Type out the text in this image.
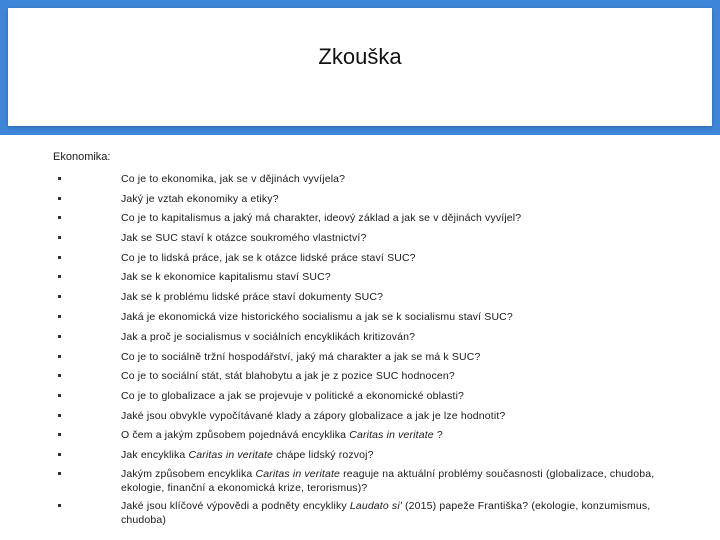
Zkouška
Ekonomika:
Co je to ekonomika, jak se v dějinách vyvíjela?
Jaký je vztah ekonomiky a etiky?
Co je to kapitalismus a jaký má charakter, ideový základ a jak se v dějinách vyvíjel?
Jak se SUC staví k otázce soukromého vlastnictví?
Co je to lidská práce, jak se k otázce lidské práce staví SUC?
Jak se k ekonomice kapitalismu staví SUC?
Jak se k problému lidské práce staví dokumenty SUC?
Jaká je ekonomická vize historického socialismu a jak se k socialismu staví SUC?
Jak a proč je socialismus v sociálních encyklikách kritizován?
Co je to sociálně tržní hospodářství, jaký má charakter a jak se má k SUC?
Co je to sociální stát, stát blahobytu a jak je z pozice SUC hodnocen?
Co je to globalizace a jak se projevuje v politické a ekonomické oblasti?
Jaké jsou obvykle vypočítávané klady a zápory globalizace a jak je lze hodnotit?
O čem a jakým způsobem pojednává encyklika Caritas in veritate ?
Jak encyklika Caritas in veritate chápe lidský rozvoj?
Jakým způsobem encyklika Caritas in veritate reaguje na aktuální problémy současnosti (globalizace, chudoba, ekologie, finanční a ekonomická krize, terorismus)?
Jaké jsou klíčové výpovědi a podněty encykliky Laudato si' (2015) papeže Františka? (ekologie, konzumismus, chudoba)
